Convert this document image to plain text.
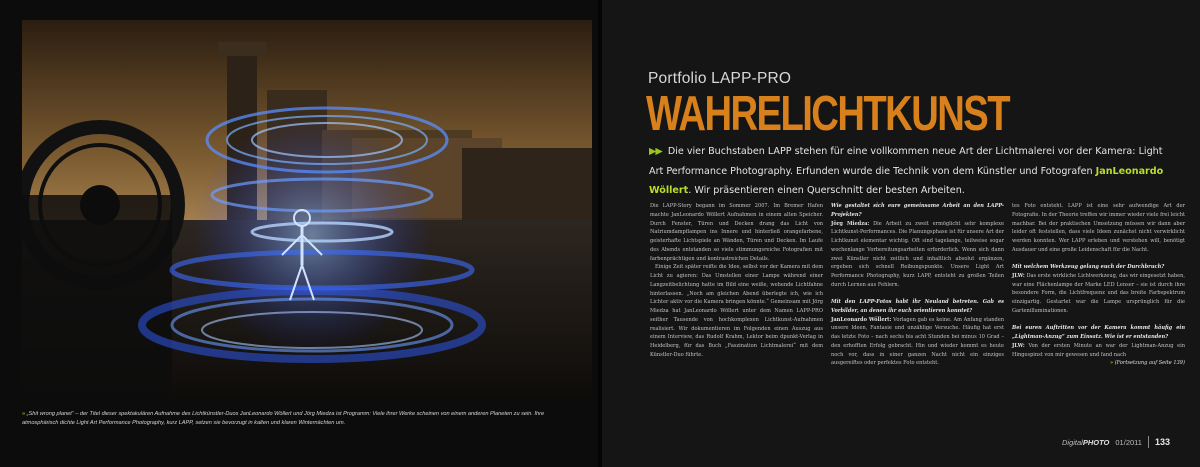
» „Shit wrong planet“ – der Titel dieser spektakulären Aufnahme des Lichtkünstler-Duos JanLeonardo Wöllert und Jörg Miedza ist Programm: Viele ihrer Werke scheinen von einem anderen Planeten zu sein. Ihre atmosphärisch dichte Light Art Performance Photography, kurz LAPP, setzen sie bevorzugt in kalten und klaren Winternächten um.
Portfolio LAPP-PRO
WAHRELICHTKUNST
▶▶ Die vier Buchstaben LAPP stehen für eine vollkommen neue Art der Lichtmalerei vor der Kamera: Light Art Performance Photography. Erfunden wurde die Technik von dem Künstler und Fotografen JanLeonardo Wöllert. Wir präsentieren einen Querschnitt der besten Arbeiten.

Die LAPP-Story begann im Sommer 2007. Im Bremer Hafen machte JanLeonardo Wöllert Aufnahmen in einem alten Speicher. Durch Fenster, Türen und Decken drang das Licht von Natriumdampflampen ins Innere und hinterließ orangefarbene, geisterhafte Lichtspiele an Wänden, Türen und Decken. Im Laufe des Abends entstanden so viele stimmungsreiche Fotografien mit farbenprächtigen und kontrastreichen Details.

Einige Zeit später reifte die Idee, selbst vor der Kamera mit dem Licht zu agieren: Das Umstellen einer Lampe während einer Langzeitbelichtung hatte im Bild eine weiße, wehende Lichtfahne hinterlassen. „Noch am gleichen Abend überlegte ich, wie ich Lichter aktiv vor die Kamera bringen könnte.“ Gemeinsam mit Jörg Miedza hat JanLeonardo Wöllert unter dem Namen LAPP-PRO seither Tausende von hochkomplexen Lichtkunst-Aufnahmen realisiert. Wir dokumentieren im Folgenden einen Auszug aus einem Interview, das Rudolf Krahm, Lektor beim dpunkt-Verlag in Heidelberg, für das Buch „Faszination Lichtmalerei“ mit dem Künstler-Duo führte.

Wie gestaltet sich eure gemeinsame Arbeit an den LAPP-Projekten?

Jörg Miedza: Die Arbeit zu zweit ermöglicht sehr komplexe Lichtkunst-Performances. Die Planungsphase ist für unsere Art der Lichtkunst elementar wichtig. Oft sind tagelange, teilweise sogar wochenlange Vorbereitungsarbeiten erforderlich. Wenn sich dann zwei Künstler nicht zeitlich und inhaltlich absolut ergänzen, ergeben sich schnell Reibungspunkte. Unsere Light Art Performance Photography, kurz LAPP, entsteht zu großen Teilen durch Lernen aus Fehlern.

Mit den LAPP-Fotos habt ihr Neuland betreten. Gab es Vorbilder, an denen ihr euch orientieren konntet?

JanLeonardo Wöllert: Vorlagen gab es keine. Am Anfang standen unsere Ideen, Fantasie und unzählige Versuche. Häufig hat erst das letzte Foto – nach sechs bis acht Stunden bei minus 10 Grad – den erhofften Erfolg gebracht. Hin und wieder kommt es heute noch vor, dass in einer ganzen Nacht nicht ein einziges ausgereiftes oder perfektes Foto entsteht.

tes Foto entsteht. LAPP ist eine sehr aufwendige Art der Fotografie. In der Theorie treffen wir immer wieder viele frei leicht machbar. Bei der praktischen Umsetzung müssen wir dann aber leider oft feststellen, dass viele Ideen zunächst nicht verwirklicht werden konnten. Wer LAPP erleben und verstehen will, benötigt Ausdauer und eine große Leidenschaft für die Nacht.

Mit welchem Werkzeug gelang euch der Durchbruch?

JLW: Das erste wirkliche Lichtwerkzeug, das wir eingesetzt haben, war eine Flächenlampe der Marke LED Lenser – sie ist durch ihre besondere Form, die Lichtfrequenz und das breite Farbspektrum einzigartig. Gestartet war die Lampe ursprünglich für die Gartenilluminationen.

Bei euren Auftritten vor der Kamera kommt häufig ein „Lightman-Anzug“ zum Einsatz. Wie ist er entstanden?

JLW: Von der ersten Minute an war der Lightman-Anzug ein Hingespinst von mir gewesen und fand nach

» (Fortsetzung auf Seite 139)

DigitalPHOTO 01/2011 133
